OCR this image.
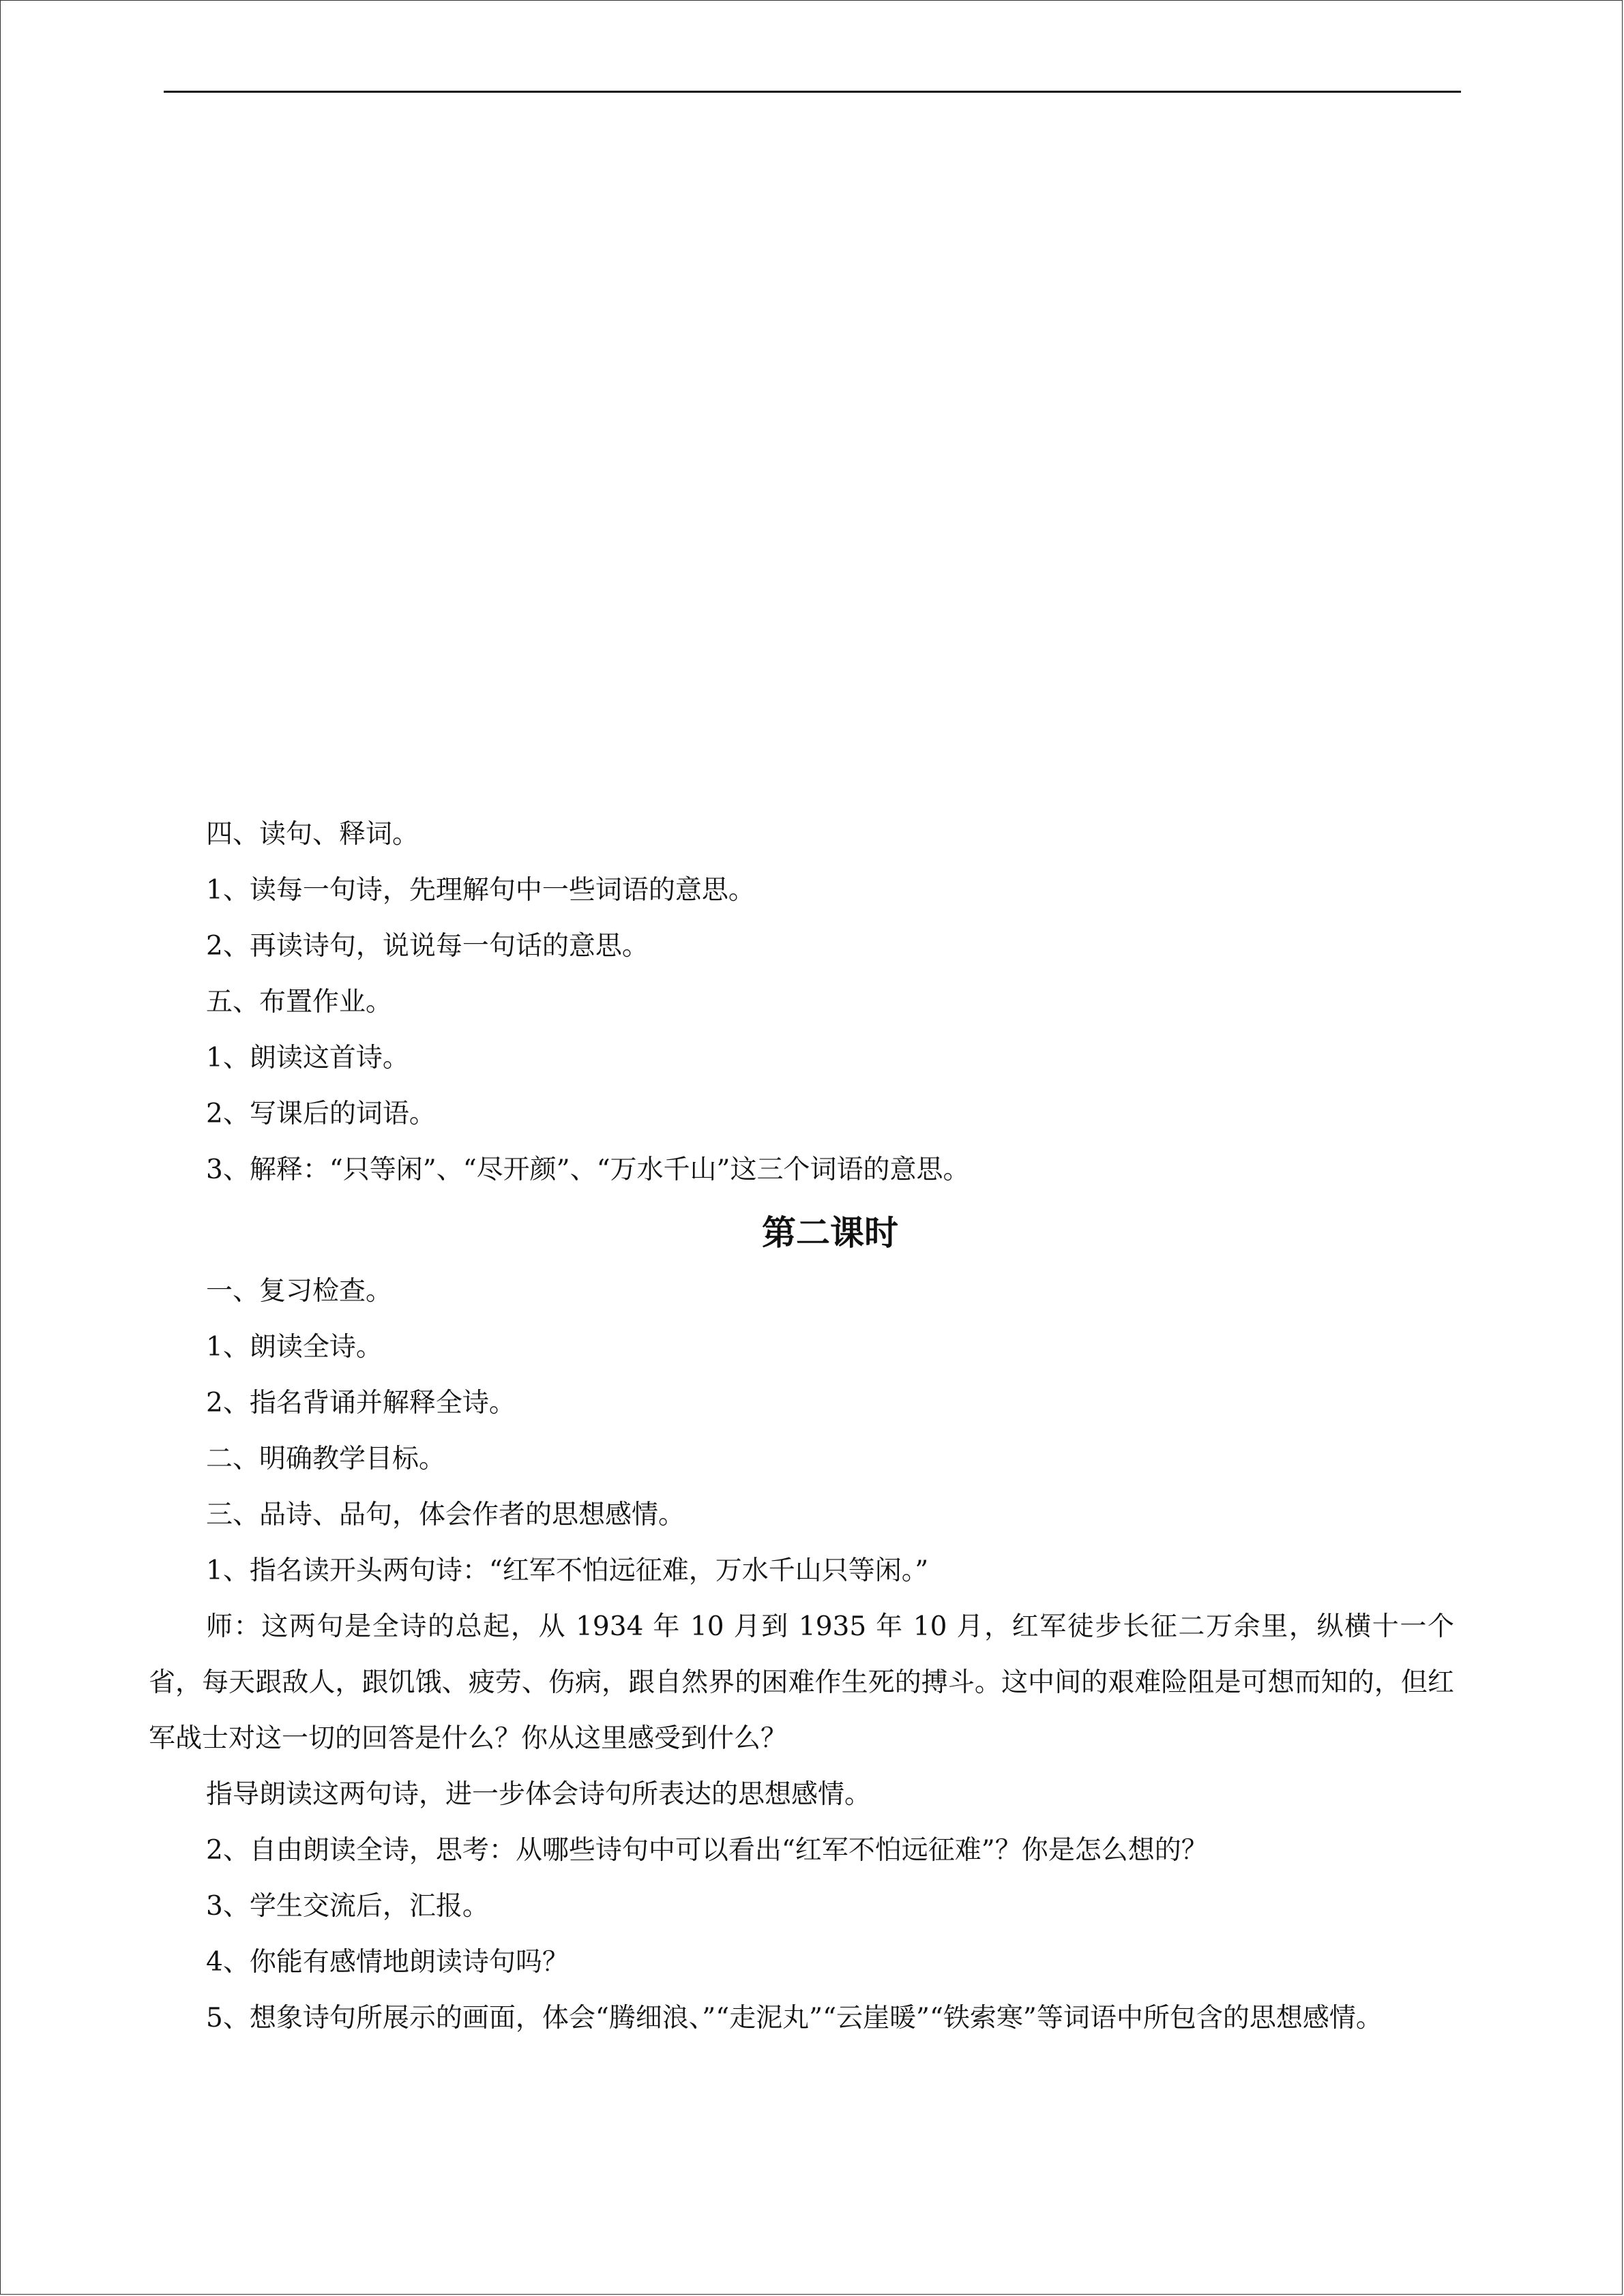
四、读句、释词。
1、读每一句诗，先理解句中一些词语的意思。
2、再读诗句，说说每一句话的意思。
五、布置作业。
1、朗读这首诗。
2、写课后的词语。
3、解释：“只等闲”、“尽开颜”、“万水千山”这三个词语的意思。
第二课时
一、复习检查。
1、朗读全诗。
2、指名背诵并解释全诗。
二、明确教学目标。
三、品诗、品句，体会作者的思想感情。
1、指名读开头两句诗：“红军不怕远征难，万水千山只等闲。”
师：这两句是全诗的总起，从 1934 年 10 月到 1935 年 10 月，红军徒步长征二万余里，纵横十一个省，每天跟敌人，跟饥饿、疲劳、伤病，跟自然界的困难作生死的搏斗。这中间的艰难险阻是可想而知的，但红军战士对这一切的回答是什么？你从这里感受到什么？
指导朗读这两句诗，进一步体会诗句所表达的思想感情。
2、自由朗读全诗，思考：从哪些诗句中可以看出“红军不怕远征难”？你是怎么想的？
3、学生交流后，汇报。
4、你能有感情地朗读诗句吗？
5、想象诗句所展示的画面，体会“腾细浪、”“走泥丸”“云崖暖”“铁索寒”等词语中所包含的思想感情。
